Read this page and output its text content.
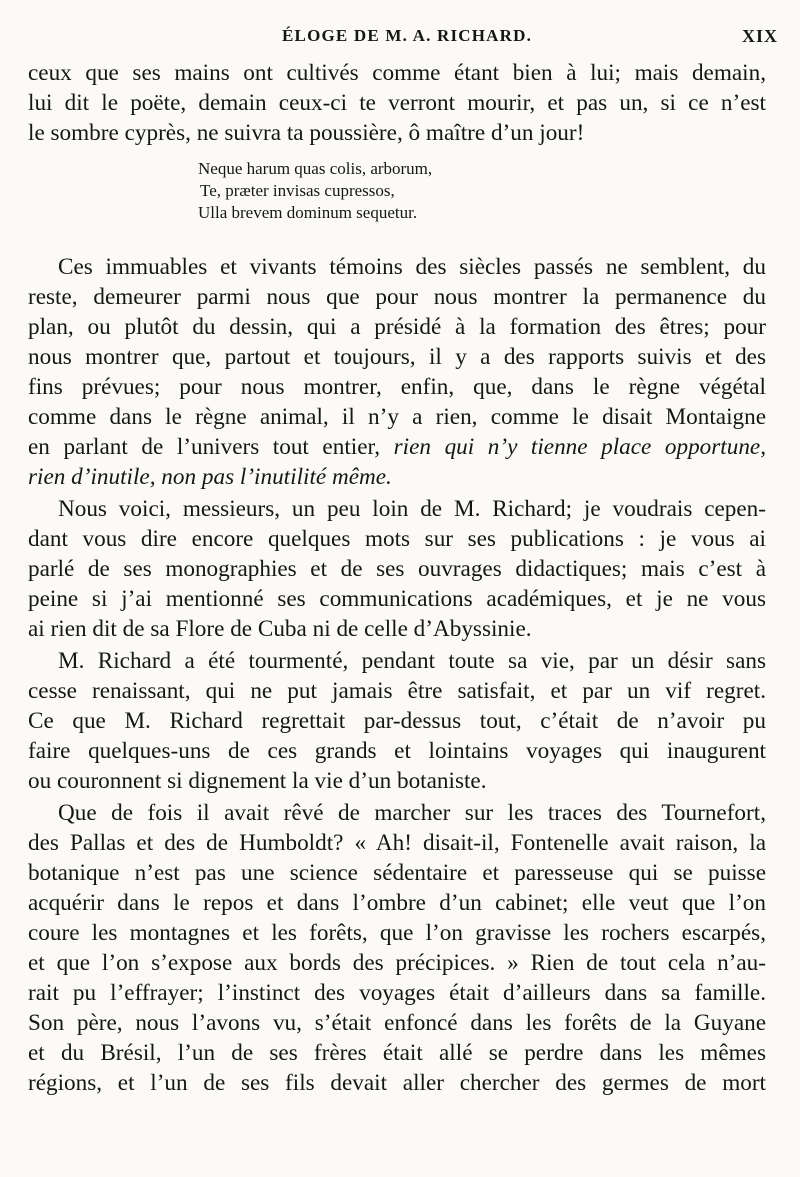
ÉLOGE DE M. A. RICHARD.	XIX
ceux que ses mains ont cultivés comme étant bien à lui; mais demain,
lui dit le poëte, demain ceux-ci te verront mourir, et pas un, si ce n’est
le sombre cyprès, ne suivra ta poussière, ô maître d’un jour!
Neque harum quas colis, arborum,
Te, præter invisas cupressos,
Ulla brevem dominum sequetur.
Ces immuables et vivants témoins des siècles passés ne semblent, du
reste, demeurer parmi nous que pour nous montrer la permanence du
plan, ou plutôt du dessin, qui a présidé à la formation des êtres; pour
nous montrer que, partout et toujours, il y a des rapports suivis et des
fins prévues; pour nous montrer, enfin, que, dans le règne végétal
comme dans le règne animal, il n’y a rien, comme le disait Montaigne
en parlant de l’univers tout entier, rien qui n’y tienne place opportune,
rien d’inutile, non pas l’inutilité même.
Nous voici, messieurs, un peu loin de M. Richard; je voudrais cepen-
dant vous dire encore quelques mots sur ses publications : je vous ai
parlé de ses monographies et de ses ouvrages didactiques; mais c’est à
peine si j’ai mentionné ses communications académiques, et je ne vous
ai rien dit de sa Flore de Cuba ni de celle d’Abyssinie.
M. Richard a été tourmenté, pendant toute sa vie, par un désir sans
cesse renaissant, qui ne put jamais être satisfait, et par un vif regret.
Ce que M. Richard regrettait par-dessus tout, c’était de n’avoir pu
faire quelques-uns de ces grands et lointains voyages qui inaugurent
ou couronnent si dignement la vie d’un botaniste.
Que de fois il avait rêvé de marcher sur les traces des Tournefort,
des Pallas et des de Humboldt? « Ah! disait-il, Fontenelle avait raison, la
botanique n’est pas une science sédentaire et paresseuse qui se puisse
acquérir dans le repos et dans l’ombre d’un cabinet; elle veut que l’on
coure les montagnes et les forêts, que l’on gravisse les rochers escarpés,
et que l’on s’expose aux bords des précipices. » Rien de tout cela n’au-
rait pu l’effrayer; l’instinct des voyages était d’ailleurs dans sa famille.
Son père, nous l’avons vu, s’était enfoncé dans les forêts de la Guyane
et du Brésil, l’un de ses frères était allé se perdre dans les mêmes
régions, et l’un de ses fils devait aller chercher des germes de mort
